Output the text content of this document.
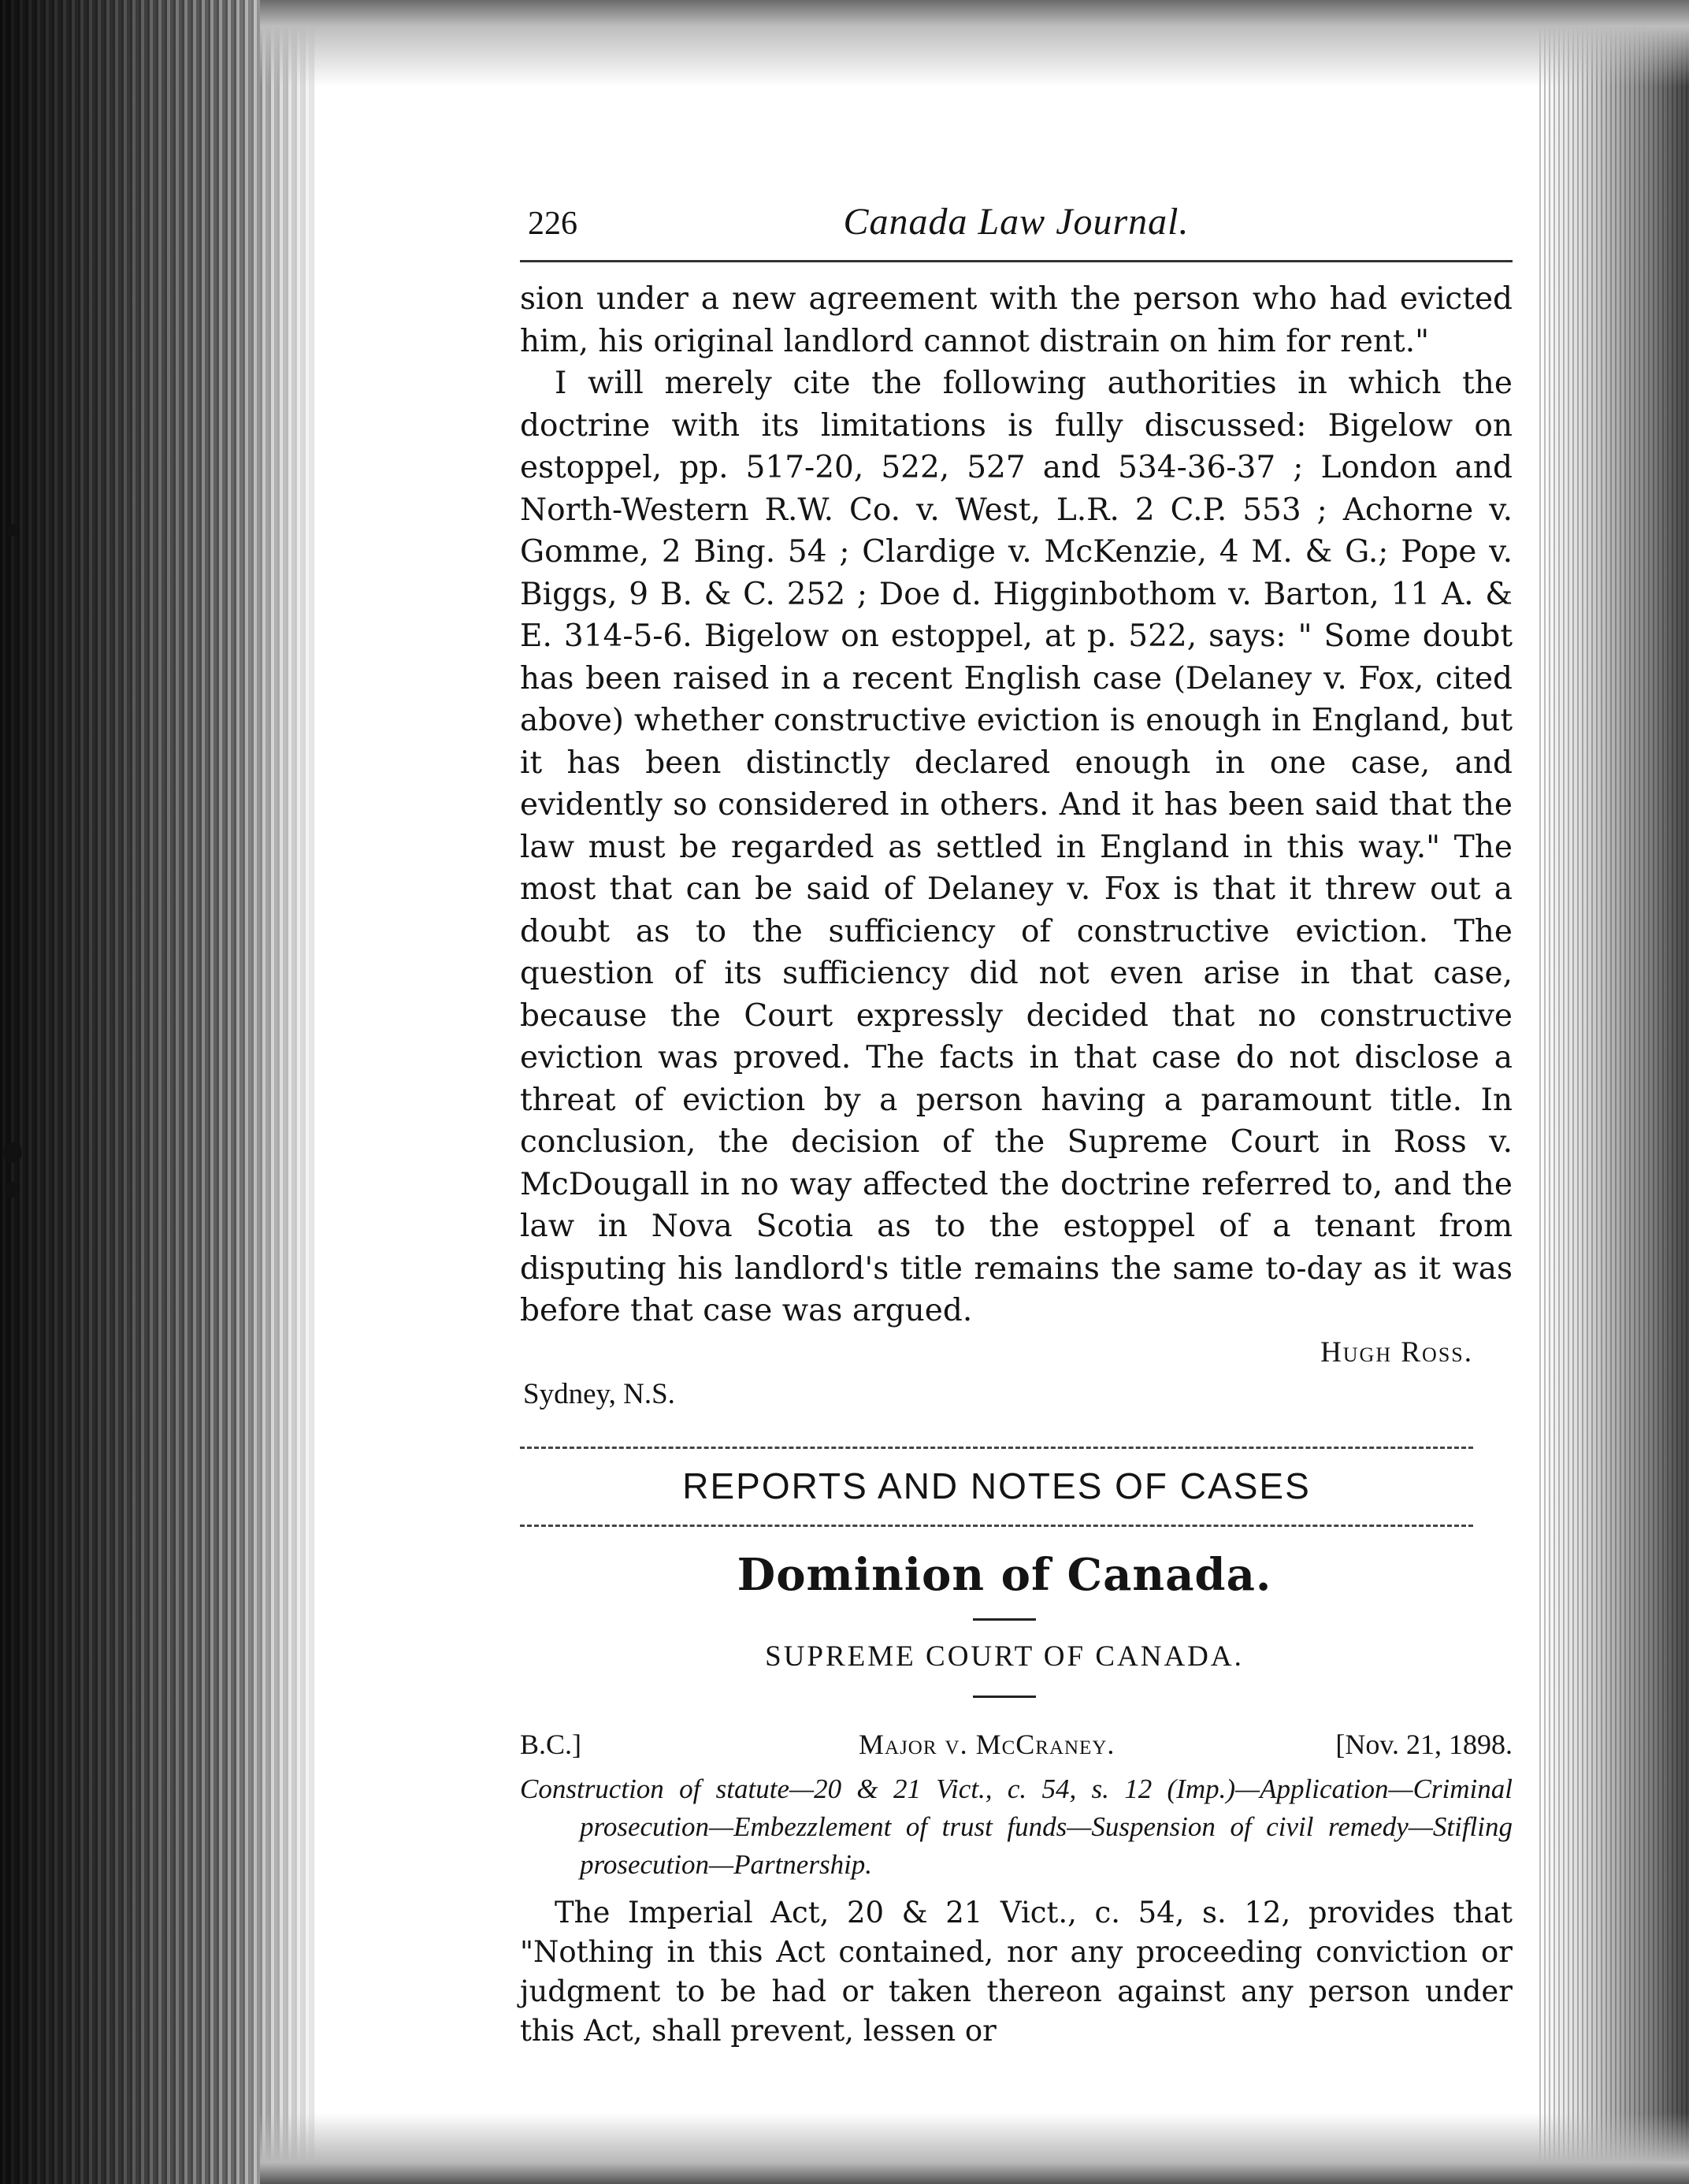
226	Canada Law Journal.

sion under a new agreement with the person who had evicted him, his original landlord cannot distrain on him for rent."

I will merely cite the following authorities in which the doctrine with its limitations is fully discussed: Bigelow on estoppel, pp. 517-20, 522, 527 and 534-36-37 ; London and North-Western R.W. Co. v. West, L.R. 2 C.P. 553 ; Achorne v. Gomme, 2 Bing. 54 ; Clardige v. McKenzie, 4 M. & G.; Pope v. Biggs, 9 B. & C. 252 ; Doe d. Higginbothom v. Barton, 11 A. & E. 314-5-6. Bigelow on estoppel, at p. 522, says: " Some doubt has been raised in a recent English case (Delaney v. Fox, cited above) whether constructive eviction is enough in England, but it has been distinctly declared enough in one case, and evidently so considered in others. And it has been said that the law must be regarded as settled in England in this way." The most that can be said of Delaney v. Fox is that it threw out a doubt as to the sufficiency of constructive eviction. The question of its sufficiency did not even arise in that case, because the Court expressly decided that no constructive eviction was proved. The facts in that case do not disclose a threat of eviction by a person having a paramount title. In conclusion, the decision of the Supreme Court in Ross v. McDougall in no way affected the doctrine referred to, and the law in Nova Scotia as to the estoppel of a tenant from disputing his landlord's title remains the same to-day as it was before that case was argued.

Hugh Ross.
Sydney, N.S.
REPORTS AND NOTES OF CASES
Dominion of Canada.
SUPREME COURT OF CANADA.
B.C.]	Major v. McCraney.	[Nov. 21, 1898.

Construction of statute—20 & 21 Vict., c. 54, s. 12 (Imp.)—Application—Criminal prosecution—Embezzlement of trust funds—Suspension of civil remedy—Stifling prosecution—Partnership.

The Imperial Act, 20 & 21 Vict., c. 54, s. 12, provides that "Nothing in this Act contained, nor any proceeding conviction or judgment to be had or taken thereon against any person under this Act, shall prevent, lessen or
